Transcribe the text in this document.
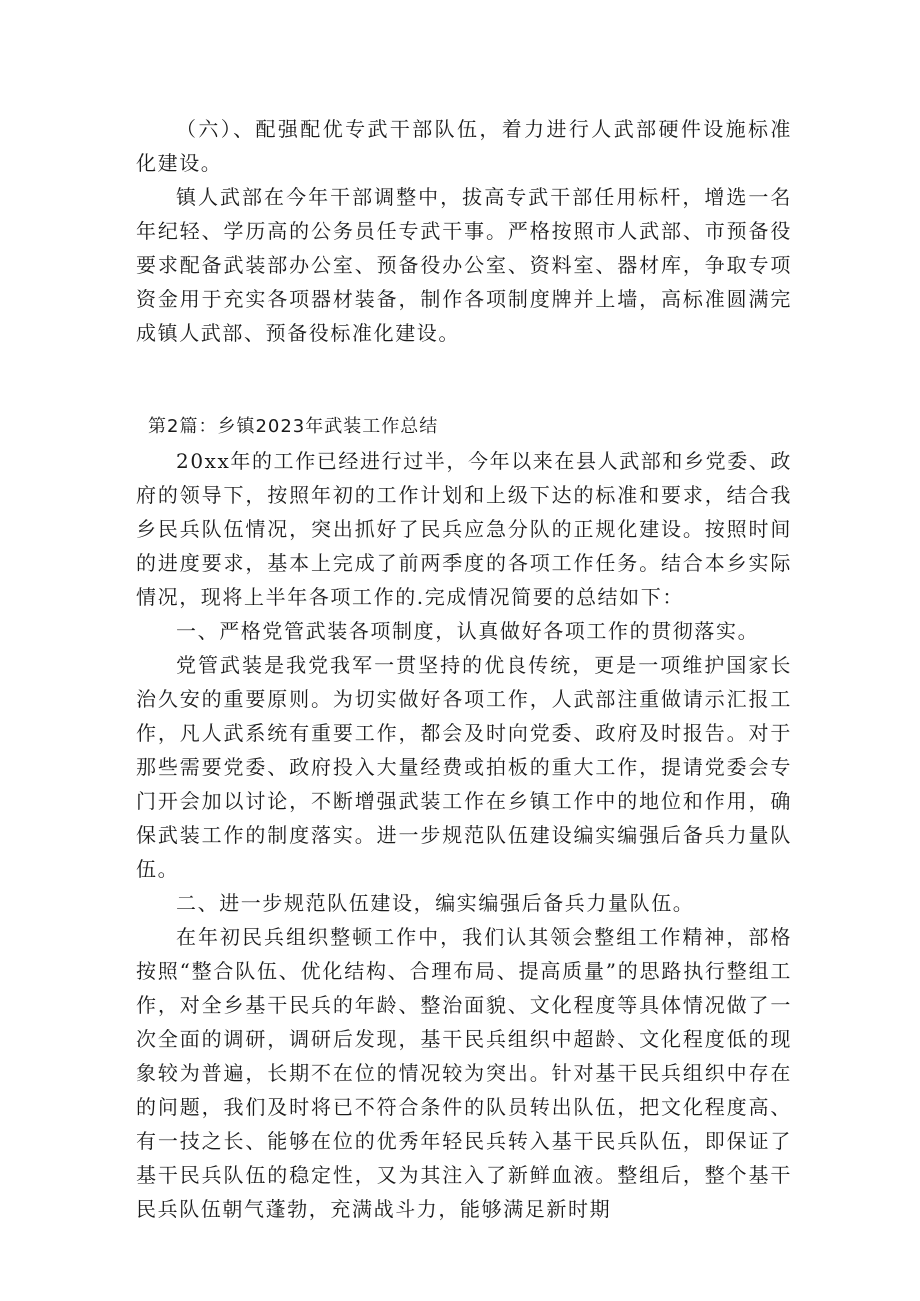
（六）、配强配优专武干部队伍，着力进行人武部硬件设施标准化建设。

镇人武部在今年干部调整中，拔高专武干部任用标杆，增选一名年纪轻、学历高的公务员任专武干事。严格按照市人武部、市预备役要求配备武装部办公室、预备役办公室、资料室、器材库，争取专项资金用于充实各项器材装备，制作各项制度牌并上墙，高标准圆满完成镇人武部、预备役标准化建设。

第2篇：乡镇2023年武装工作总结

20xx年的工作已经进行过半，今年以来在县人武部和乡党委、政府的领导下，按照年初的工作计划和上级下达的标准和要求，结合我乡民兵队伍情况，突出抓好了民兵应急分队的正规化建设。按照时间的进度要求，基本上完成了前两季度的各项工作任务。结合本乡实际情况，现将上半年各项工作的.完成情况简要的总结如下：

一、严格党管武装各项制度，认真做好各项工作的贯彻落实。

党管武装是我党我军一贯坚持的优良传统，更是一项维护国家长治久安的重要原则。为切实做好各项工作，人武部注重做请示汇报工作，凡人武系统有重要工作，都会及时向党委、政府及时报告。对于那些需要党委、政府投入大量经费或拍板的重大工作，提请党委会专门开会加以讨论，不断增强武装工作在乡镇工作中的地位和作用，确保武装工作的制度落实。进一步规范队伍建设编实编强后备兵力量队伍。

二、进一步规范队伍建设，编实编强后备兵力量队伍。

在年初民兵组织整顿工作中，我们认其领会整组工作精神，部格按照“整合队伍、优化结构、合理布局、提高质量”的思路执行整组工作，对全乡基干民兵的年龄、整治面貌、文化程度等具体情况做了一次全面的调研，调研后发现，基干民兵组织中超龄、文化程度低的现象较为普遍，长期不在位的情况较为突出。针对基干民兵组织中存在的问题，我们及时将已不符合条件的队员转出队伍，把文化程度高、有一技之长、能够在位的优秀年轻民兵转入基干民兵队伍，即保证了基干民兵队伍的稳定性，又为其注入了新鲜血液。整组后，整个基干民兵队伍朝气蓬勃，充满战斗力，能够满足新时期
